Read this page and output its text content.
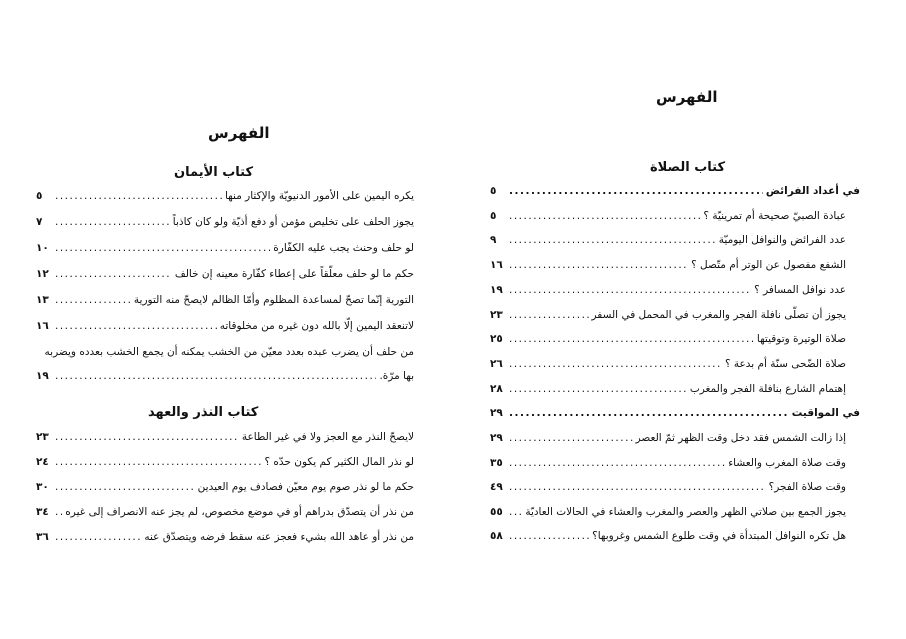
الفهرس
كتاب الأيمان
يكره اليمين على الأمور الدنيويّة والإكثار منها
.....
٥
يجوز الحلف على تخليص مؤمن أو دفع أذيّة ولو كان كاذباً
.....
٧
لو حلف وحنث يجب عليه الكفّارة
.....
١٠
حكم ما لو حلف معلّقاً على إعطاء كفّارة معينه إن خالف
.....
١٢
التورية إنّما تصحّ لمساعدة المظلوم وأمّا الظالم لايصحّ منه التورية
.....
١٣
لاتنعقد اليمين إلّا بالله دون غيره من مخلوقاته
.....
١٦
من حلف أن يضرب عبده بعدد معيّن من الخشب يمكنه أن يجمع الخشب بعدده ويضربه
بها مرّة.
.....
١٩
كتاب النذر والعهد
لايصحّ النذر مع العجز ولا في غير الطاعة
.....
٢٣
لو نذر المال الكثير كم يكون حدّه ؟
.....
٢٤
حكم ما لو نذر صوم يوم معيّن فصادف يوم العيدين
.....
٣٠
من نذر أن يتصدّق بدراهم أو في موضع مخصوص، لم يجز عنه الانصراف إلى غيره
.....
٣٤
من نذر أو عاهد الله بشيء فعجز عنه سقط فرضه ويتصدّق عنه
.....
٣٦
الفهرس
كتاب الصلاة
في أعداد الفرائض
.....
٥
عبادة الصبيّ صحيحة أم تمرينيّة ؟
.....
٥
عدد الفرائض والنوافل اليوميّة
.....
٩
الشفع مفصول عن الوتر أم متّصل ؟
.....
١٦
عدد نوافل المسافر ؟
.....
١٩
يجوز أن تصلّى نافلة الفجر والمغرب في المحمل في السفر
.....
٢٣
صلاة الوتيرة وتوقيتها
.....
٢٥
صلاة الضّحى سنّة أم بدعة ؟
.....
٢٦
إهتمام الشارع بنافلة الفجر والمغرب
.....
٢٨
في المواقيت
.....
٢٩
إذا زالت الشمس فقد دخل وقت الظهر ثمّ العصر
.....
٢٩
وقت صلاة المغرب والعشاء
.....
٣٥
وقت صلاة الفجر؟
.....
٤٩
يجوز الجمع بين صلاتي الظهر والعصر والمغرب والعشاء في الحالات العاديّة
.....
٥٥
هل تكره النوافل المبتدأة في وقت طلوع الشمس وغروبها؟
.....
٥٨
